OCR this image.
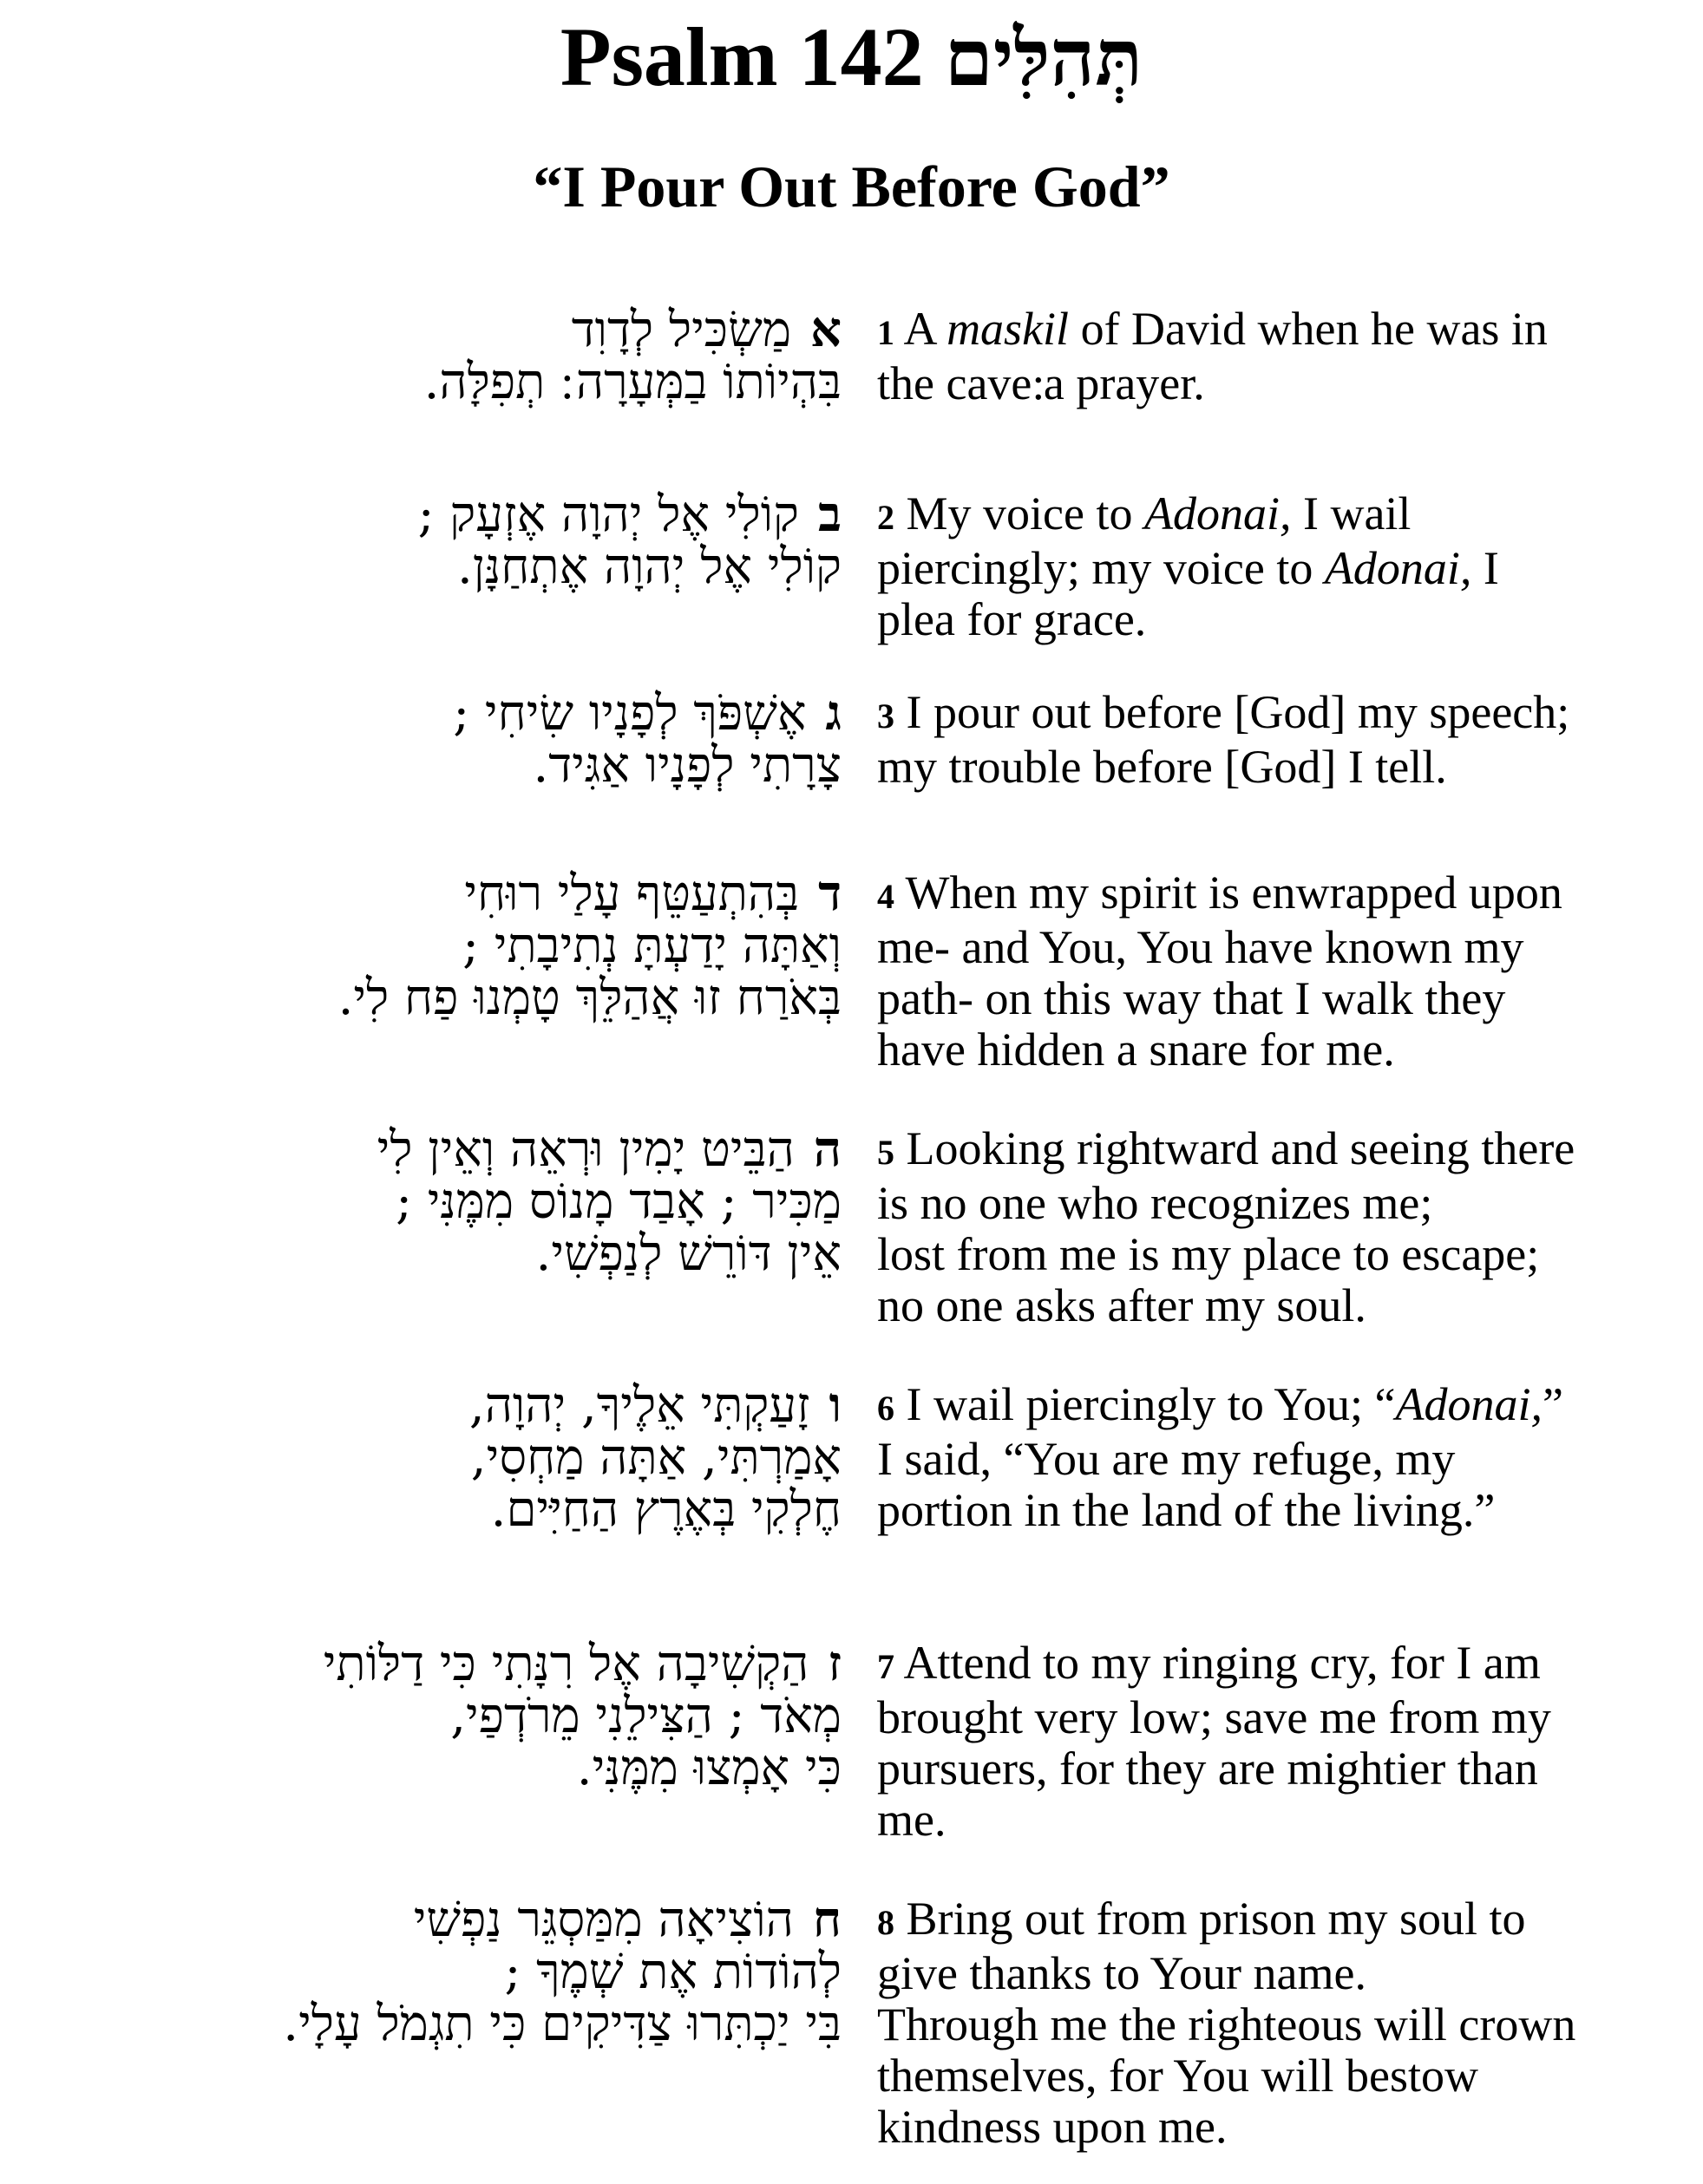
Psalm 142 תְּהִלִּים
“I Pour Out Before God”
אמַשְׂכִּיל לְדָוִד
בִּהְיוֹתוֹ בַמְּעָרָה ׃ תְפִלָּה.
1 A maskil of David when he was in
the cave׃ a prayer.
בקוֹלִי אֶל יְהוָה אֶזְעָק ;
קוֹלִי אֶל יְהוָה אֶתְחַנָּן.
2 My voice to Adonai, I wail
piercingly; my voice to Adonai, I
plea for grace.
גאֶשְׁפֹּךְ לְפָנָיו שִׂיחִי ;
צָרָתִי לְפָנָיו אַגִּיד.
3 I pour out before [God] my speech;
my trouble before [God] I tell.
דבְּהִתְעַטֵּף עָלַי רוּחִי
וְאַתָּה יָדַעְתָּ נְתִיבָתִי ;
בְּאֹרַח זוּ אֲהַלֵּךְ טָמְנוּ פַח לִי.
4 When my spirit is enwrapped upon
me- and You, You have known my
path- on this way that I walk they
have hidden a snare for me.
ההַבֵּיט יָמִין וּרְאֵה וְאֵין לִי
מַכִּיר ; אָבַד מָנוֹס מִמֶּנִּי ;
אֵין דּוֹרֵשׁ לְנַפְשִׁי.
5 Looking rightward and seeing there
is no one who recognizes me;
lost from me is my place to escape;
no one asks after my soul.
וזָעַקְתִּי אֵלֶיךָ, יְהוָה,
אָמַרְתִּי, אַתָּה מַחְסִי,
חֶלְקִי בְּאֶרֶץ הַחַיִּים.
6 I wail piercingly to You; “Adonai,”
I said, “You are my refuge, my
portion in the land of the living.”
זהַקְשִׁיבָה אֶל רִנָּתִי כִּי דַלּוֹתִי
מְאֹד ; הַצִּילֵנִי מֵרֹדְפַי,
כִּי אָמְצוּ מִמֶּנִּי.
7 Attend to my ringing cry, for I am
brought very low; save me from my
pursuers, for they are mightier than
me.
חהוֹצִיאָה מִמַּסְגֵּר נַפְשִׁי
לְהוֹדוֹת אֶת שְׁמֶךָ ;
בִּי יַכְתִּרוּ צַדִּיקִים כִּי תִגְמֹל עָלָי.
8 Bring out from prison my soul to
give thanks to Your name.
Through me the righteous will crown
themselves, for You will bestow
kindness upon me.
